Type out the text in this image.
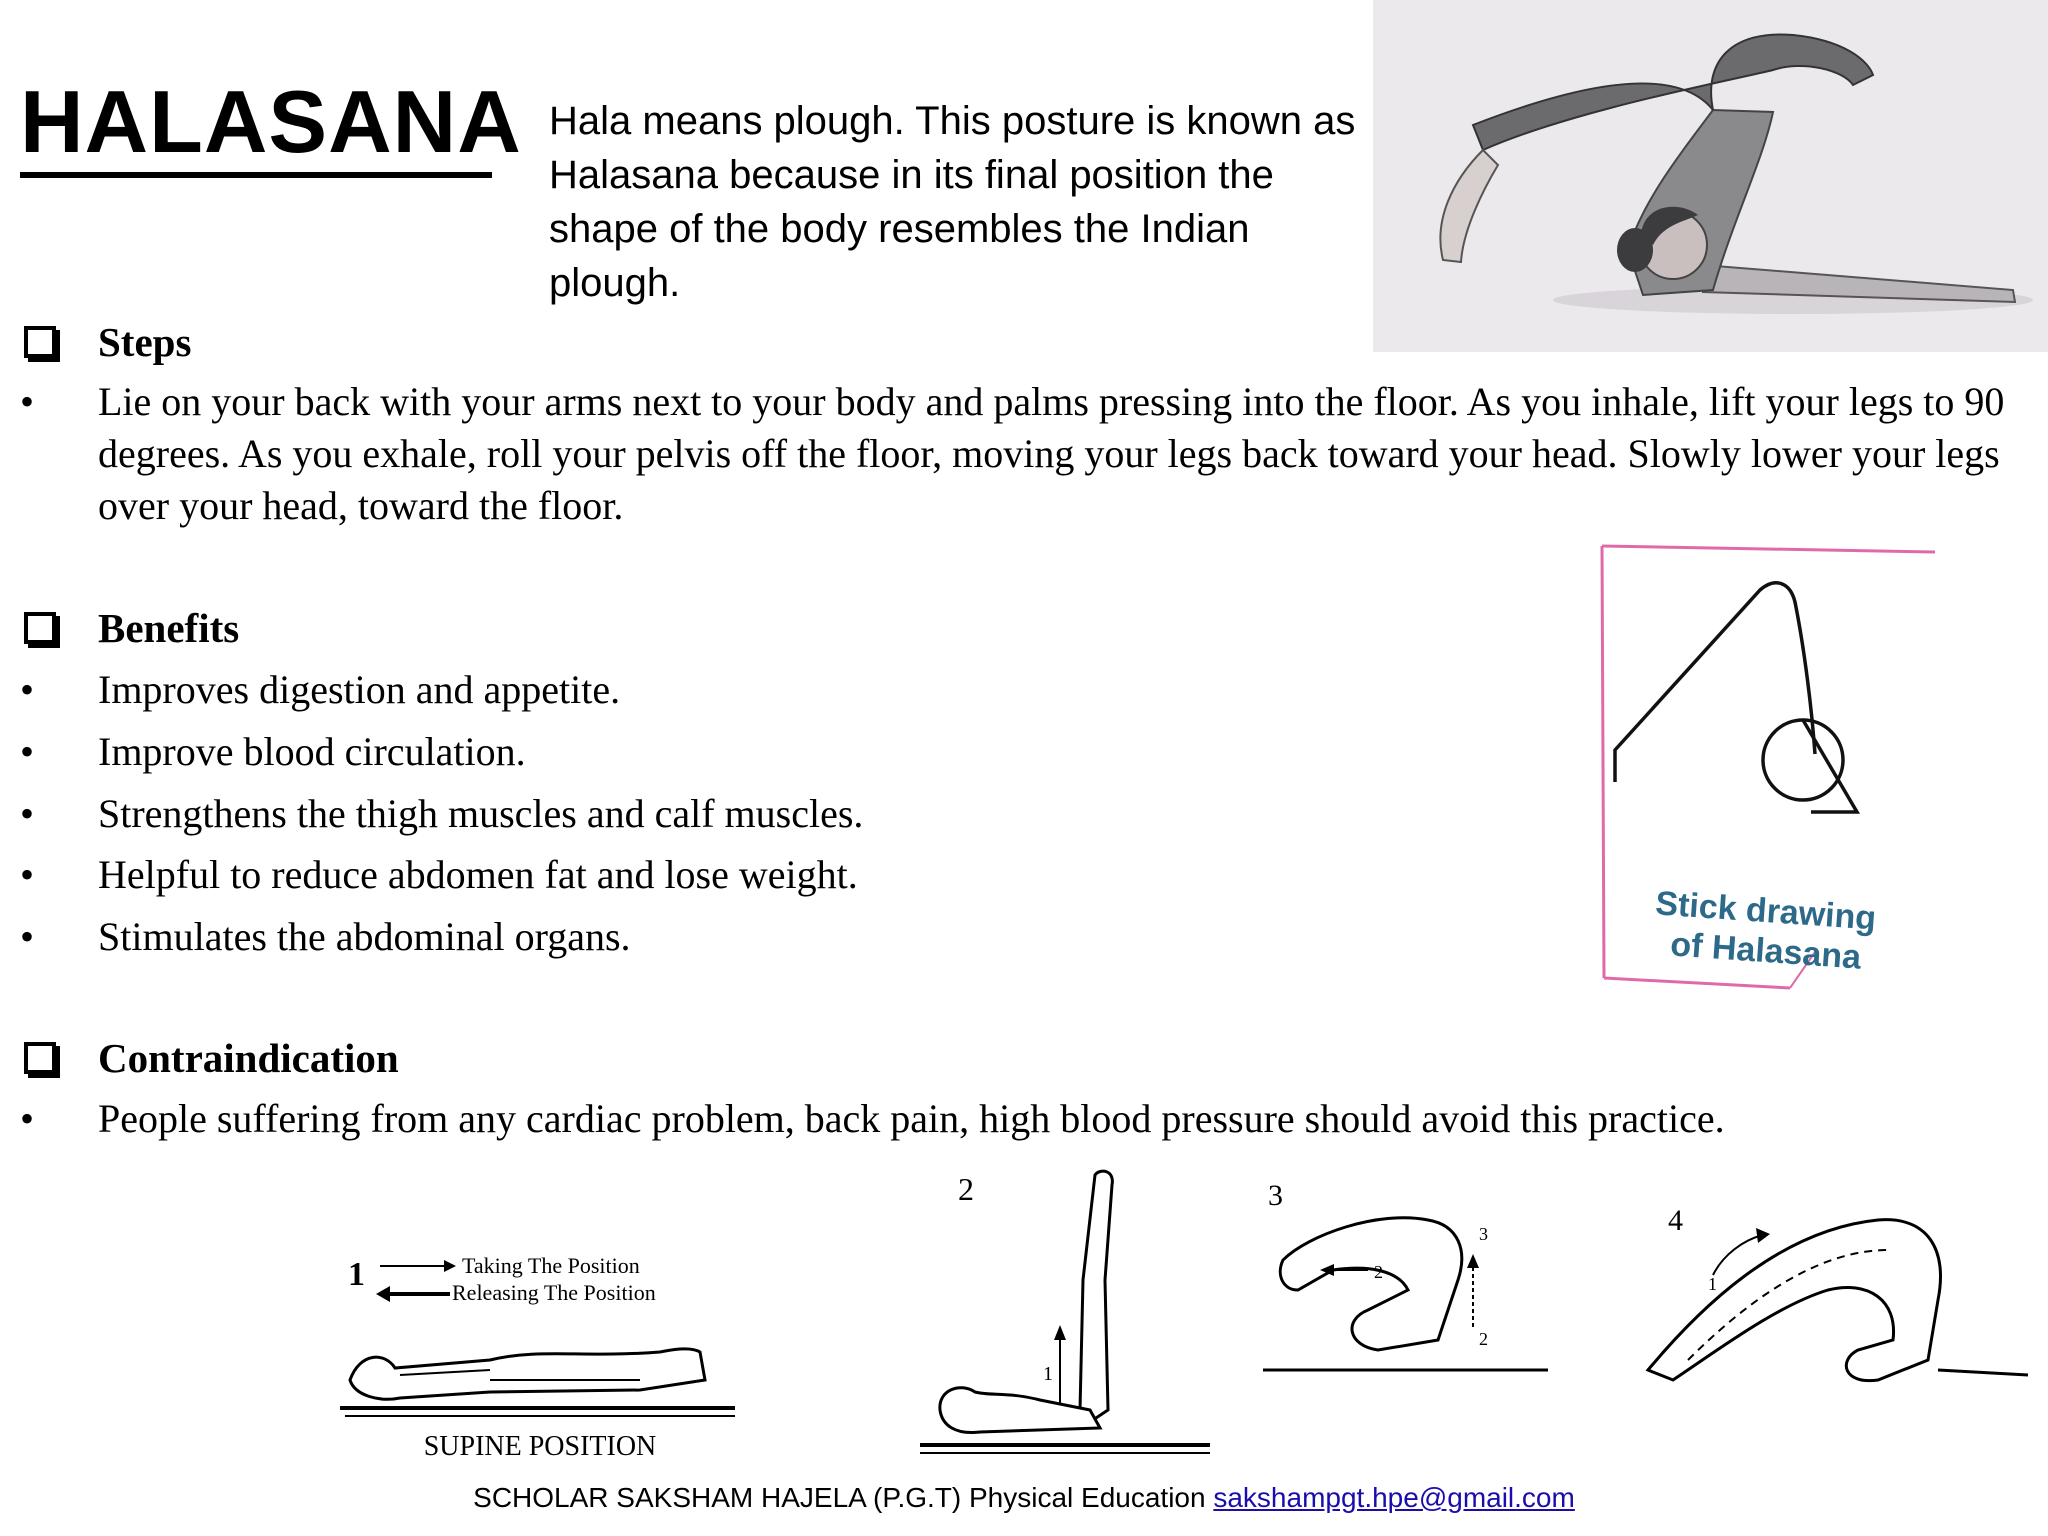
HALASANA Hala means plough. This posture is known as Halasana because in its final position the shape of the body resembles the Indian plough.
Steps
•	Lie on your back with your arms next to your body and palms pressing into the floor. As you inhale, lift your legs to 90 degrees. As you exhale, roll your pelvis off the floor, moving your legs back toward your head. Slowly lower your legs over your head, toward the floor.
Benefits
•	Improves digestion and appetite.
•	Improve blood circulation.
•	Strengthens the thigh muscles and calf muscles.
•	Helpful to reduce abdomen fat and lose weight.
•	Stimulates the abdominal organs.
Contraindication
•	People suffering from any cardiac problem, back pain, high blood pressure should avoid this practice.
Stick drawing
of Halasana
1	Taking The Position
Releasing The Position
SUPINE POSITION
2
1
3
2
3
2
4
1
SCHOLAR SAKSHAM HAJELA (P.G.T) Physical Education sakshampgt.hpe@gmail.com
